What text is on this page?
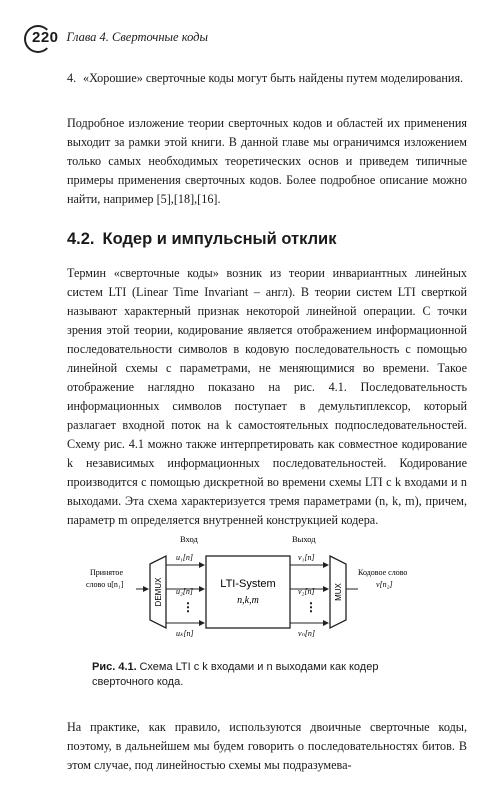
220 Глава 4. Сверточные коды
4. «Хорошие» сверточные коды могут быть найдены путем моделирования.

Подробное изложение теории сверточных кодов и областей их применения выходит за рамки этой книги. В данной главе мы ограничимся изложением только самых необходимых теоретических основ и приведем типичные примеры применения сверточных кодов. Более подробное описание можно найти, например [5],[18],[16].

4.2. Кодер и импульсный отклик

Термин «сверточные коды» возник из теории инвариантных линейных систем LTI (Linear Time Invariant – англ). В теории систем LTI сверткой называют характерный признак некоторой линейной операции. С точки зрения этой теории, кодирование является отображением информационной последовательности символов в кодовую последовательность с помощью линейной схемы с параметрами, не меняющимися во времени. Такое отображение наглядно показано на рис. 4.1. Последовательность информационных символов поступает в демультиплексор, который разлагает входной поток на k самостоятельных подпоследовательностей. Схему рис. 4.1 можно также интерпретировать как совместное кодирование k независимых информационных последовательностей. Кодирование производится с помощью дискретной во времени схемы LTI с k входами и n выходами. Эта схема характеризуется тремя параметрами (n, k, m), причем, параметр m определяется внутренней конструкцией кодера.

Вход	Выход
Принятое
слово u[n₁]	DEMUX
u₁[n]
u₂[n]
⋮
uₖ[n]
LTI-System
n,k,m
v₁[n]
v₂[n]
⋮
vₙ[n]
MUX
Кодовое слово
v[n₂]
Рис. 4.1. Схема LTI с k входами и n выходами как кодер сверточного кода.

На практике, как правило, используются двоичные сверточные коды, поэтому, в дальнейшем мы будем говорить о последовательностях битов. В этом случае, под линейностью схемы мы подразумева-
